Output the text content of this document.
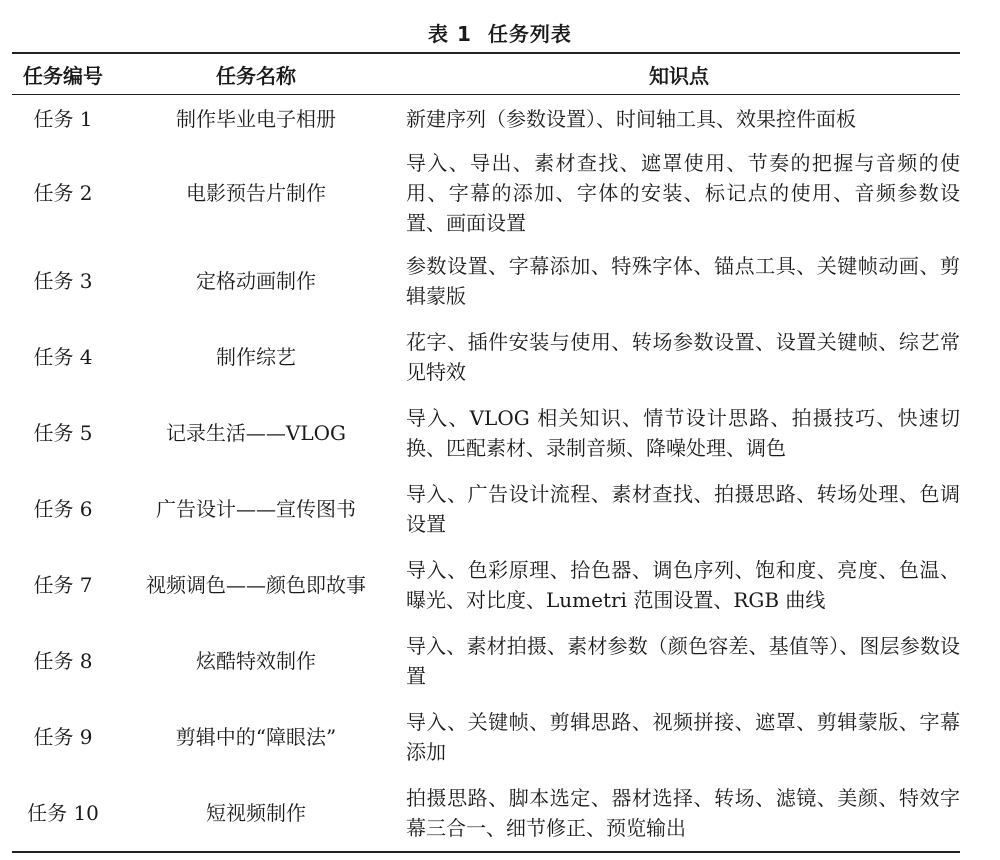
表 1 任务列表
任务编号	任务名称	知识点
任务 1	制作毕业电子相册	新建序列（参数设置）、时间轴工具、效果控件面板
任务 2	电影预告片制作	导入、导出、素材查找、遮罩使用、节奏的把握与音频的使用、字幕的添加、字体的安装、标记点的使用、音频参数设置、画面设置
任务 3	定格动画制作	参数设置、字幕添加、特殊字体、锚点工具、关键帧动画、剪辑蒙版
任务 4	制作综艺	花字、插件安装与使用、转场参数设置、设置关键帧、综艺常见特效
任务 5	记录生活——VLOG	导入、VLOG 相关知识、情节设计思路、拍摄技巧、快速切换、匹配素材、录制音频、降噪处理、调色
任务 6	广告设计——宣传图书	导入、广告设计流程、素材查找、拍摄思路、转场处理、色调设置
任务 7	视频调色——颜色即故事	导入、色彩原理、拾色器、调色序列、饱和度、亮度、色温、曝光、对比度、Lumetri 范围设置、RGB 曲线
任务 8	炫酷特效制作	导入、素材拍摄、素材参数（颜色容差、基值等）、图层参数设置
任务 9	剪辑中的“障眼法”	导入、关键帧、剪辑思路、视频拼接、遮罩、剪辑蒙版、字幕添加
任务 10	短视频制作	拍摄思路、脚本选定、器材选择、转场、滤镜、美颜、特效字幕三合一、细节修正、预览输出
